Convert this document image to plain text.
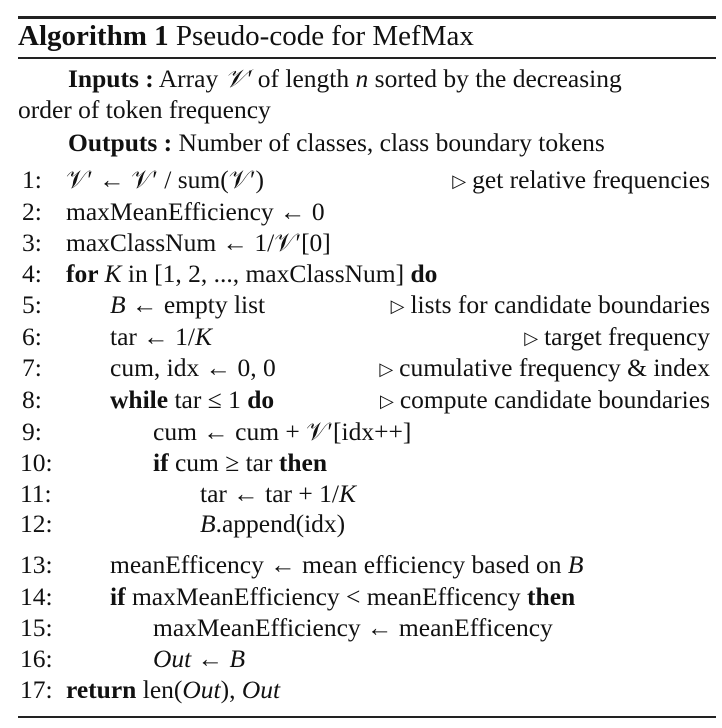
Algorithm 1 Pseudo-code for MefMax
Inputs : Array 𝒱′ of length n sorted by the decreasing
order of token frequency
Outputs : Number of classes, class boundary tokens
1: 𝒱′ ← 𝒱′ / sum(𝒱′)	▷ get relative frequencies
2: maxMeanEfficiency ← 0
3: maxClassNum ← 1/𝒱′[0]
4: for K in [1, 2, ..., maxClassNum] do
5:	B ← empty list	▷ lists for candidate boundaries
6:	tar ← 1/K	▷ target frequency
7:	cum, idx ← 0, 0	▷ cumulative frequency & index
8:	while tar ≤ 1 do	▷ compute candidate boundaries
9:	cum ← cum + 𝒱′[idx++]
10:	if cum ≥ tar then
11:	tar ← tar + 1/K
12:	B.append(idx)
13: meanEfficency ← mean efficiency based on B
14: if maxMeanEfficiency < meanEfficency then
15:	maxMeanEfficiency ← meanEfficency
16:	Out ← B
17: return len(Out), Out
